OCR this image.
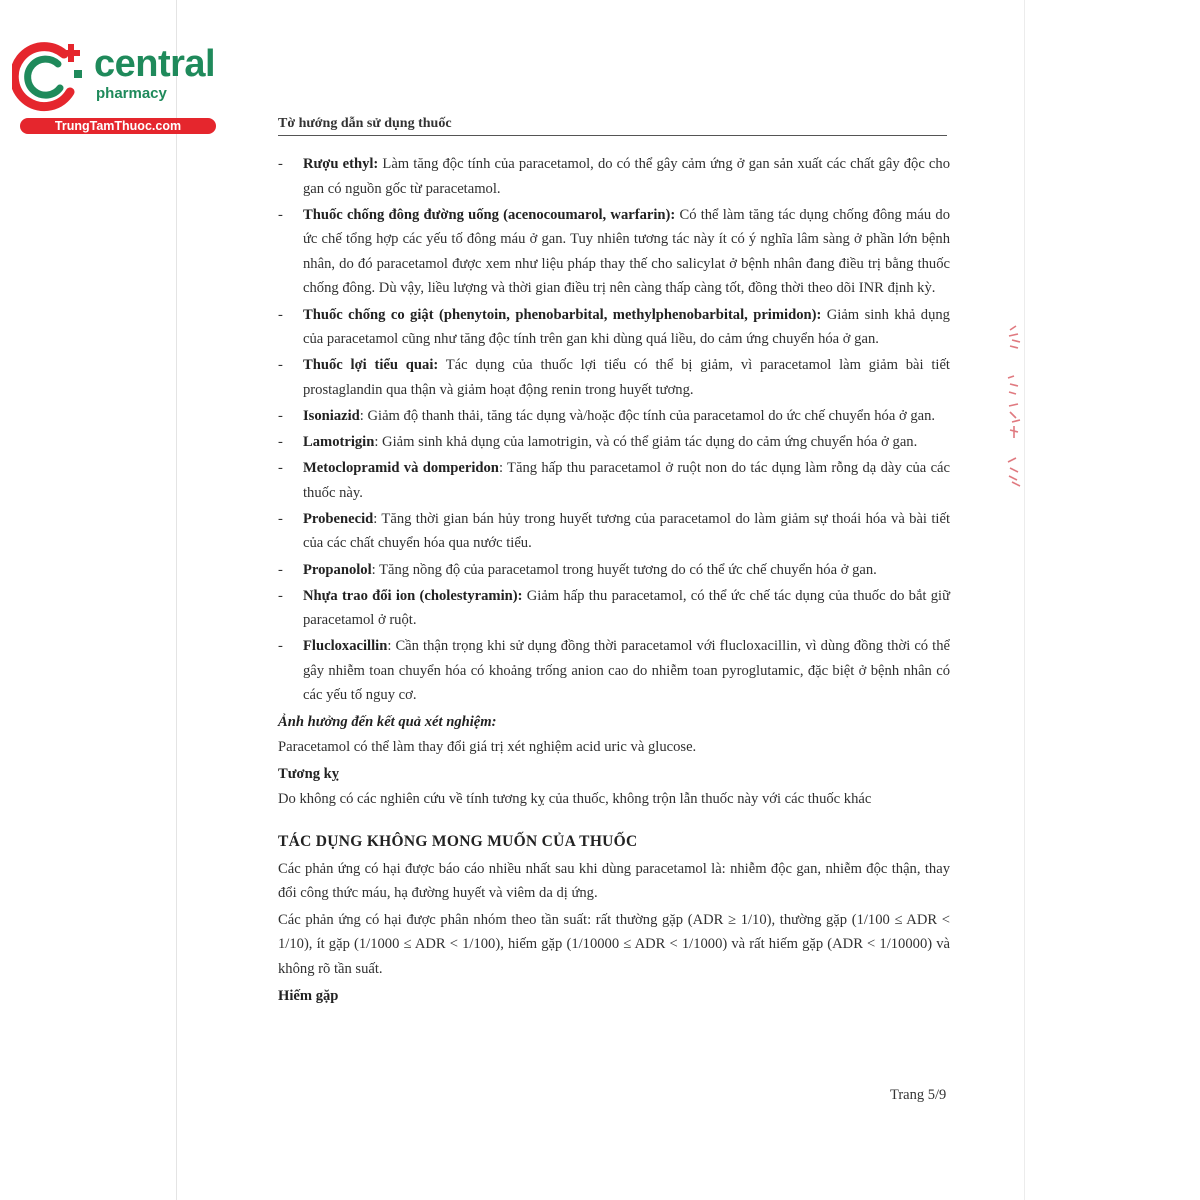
central
pharmacy
TrungTamThuoc.com	Tờ hướng dẫn sử dụng thuốc
- Rượu ethyl: Làm tăng độc tính của paracetamol, do có thể gây cảm ứng ở gan sản xuất các chất gây độc cho gan có nguồn gốc từ paracetamol.
- Thuốc chống đông đường uống (acenocoumarol, warfarin): Có thể làm tăng tác dụng chống đông máu do ức chế tổng hợp các yếu tố đông máu ở gan. Tuy nhiên tương tác này ít có ý nghĩa lâm sàng ở phần lớn bệnh nhân, do đó paracetamol được xem như liệu pháp thay thế cho salicylat ở bệnh nhân đang điều trị bằng thuốc chống đông. Dù vậy, liều lượng và thời gian điều trị nên càng thấp càng tốt, đồng thời theo dõi INR định kỳ.
- Thuốc chống co giật (phenytoin, phenobarbital, methylphenobarbital, primidon): Giảm sinh khả dụng của paracetamol cũng như tăng độc tính trên gan khi dùng quá liều, do cảm ứng chuyển hóa ở gan.
- Thuốc lợi tiểu quai: Tác dụng của thuốc lợi tiểu có thể bị giảm, vì paracetamol làm giảm bài tiết prostaglandin qua thận và giảm hoạt động renin trong huyết tương.
- Isoniazid: Giảm độ thanh thải, tăng tác dụng và/hoặc độc tính của paracetamol do ức chế chuyển hóa ở gan.
- Lamotrigin: Giảm sinh khả dụng của lamotrigin, và có thể giảm tác dụng do cảm ứng chuyển hóa ở gan.
- Metoclopramid và domperidon: Tăng hấp thu paracetamol ở ruột non do tác dụng làm rỗng dạ dày của các thuốc này.
- Probenecid: Tăng thời gian bán hủy trong huyết tương của paracetamol do làm giảm sự thoái hóa và bài tiết của các chất chuyển hóa qua nước tiểu.
- Propanolol: Tăng nồng độ của paracetamol trong huyết tương do có thể ức chế chuyển hóa ở gan.
- Nhựa trao đổi ion (cholestyramin): Giảm hấp thu paracetamol, có thể ức chế tác dụng của thuốc do bắt giữ paracetamol ở ruột.
- Flucloxacillin: Cần thận trọng khi sử dụng đồng thời paracetamol với flucloxacillin, vì dùng đồng thời có thể gây nhiễm toan chuyển hóa có khoảng trống anion cao do nhiễm toan pyroglutamic, đặc biệt ở bệnh nhân có các yếu tố nguy cơ.
Ảnh hưởng đến kết quả xét nghiệm:
Paracetamol có thể làm thay đổi giá trị xét nghiệm acid uric và glucose.
Tương kỵ
Do không có các nghiên cứu về tính tương kỵ của thuốc, không trộn lẫn thuốc này với các thuốc khác
TÁC DỤNG KHÔNG MONG MUỐN CỦA THUỐC
Các phản ứng có hại được báo cáo nhiều nhất sau khi dùng paracetamol là: nhiễm độc gan, nhiễm độc thận, thay đổi công thức máu, hạ đường huyết và viêm da dị ứng.
Các phản ứng có hại được phân nhóm theo tần suất: rất thường gặp (ADR ≥ 1/10), thường gặp (1/100 ≤ ADR < 1/10), ít gặp (1/1000 ≤ ADR < 1/100), hiếm gặp (1/10000 ≤ ADR < 1/1000) và rất hiếm gặp (ADR < 1/10000) và không rõ tần suất.
Hiếm gặp
Trang 5/9
